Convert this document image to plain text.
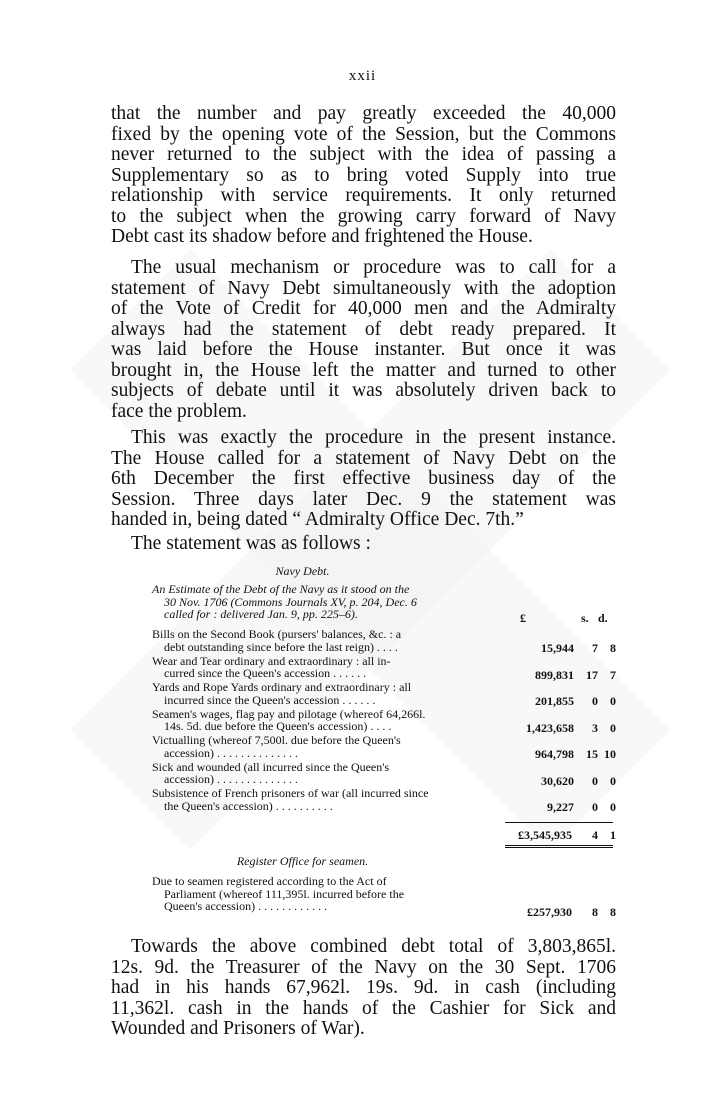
xxii
that the number and pay greatly exceeded the 40,000
fixed by the opening vote of the Session, but the Commons
never returned to the subject with the idea of passing a
Supplementary so as to bring voted Supply into true
relationship with service requirements. It only returned
to the subject when the growing carry forward of Navy
Debt cast its shadow before and frightened the House.
The usual mechanism or procedure was to call for a
statement of Navy Debt simultaneously with the adoption
of the Vote of Credit for 40,000 men and the Admiralty
always had the statement of debt ready prepared. It
was laid before the House instanter. But once it was
brought in, the House left the matter and turned to other
subjects of debate until it was absolutely driven back to
face the problem.
This was exactly the procedure in the present instance.
The House called for a statement of Navy Debt on the
6th December the first effective business day of the
Session. Three days later Dec. 9 the statement was
handed in, being dated “ Admiralty Office Dec. 7th.”
The statement was as follows :
Navy Debt.
An Estimate of the Debt of the Navy as it stood on the
30 Nov. 1706 (Commons Journals XV, p. 204, Dec. 6
called for : delivered Jan. 9, pp. 225–6).	£	s. d.
Bills on the Second Book (pursers' balances, &c. : a
debt outstanding since before the last reign) . . . .	15,944	7	8
Wear and Tear ordinary and extraordinary : all in-
curred since the Queen's accession . . . . . .	899,831	17	7
Yards and Rope Yards ordinary and extraordinary : all
incurred since the Queen's accession . . . . . .	201,855	0	0
Seamen's wages, flag pay and pilotage (whereof 64,266l.
14s. 5d. due before the Queen's accession) . . . .	1,423,658	3	0
Victualling (whereof 7,500l. due before the Queen's
accession) . . . . . . . . . . . . . .	964,798	15 10
Sick and wounded (all incurred since the Queen's
accession) . . . . . . . . . . . . . .	30,620	0	0
Subsistence of French prisoners of war (all incurred since
the Queen's accession) . . . . . . . . . .	9,227	0	0
£3,545,935	4	1
Register Office for seamen.
Due to seamen registered according to the Act of
Parliament (whereof 111,395l. incurred before the
Queen's accession) . . . . . . . . . . . .	£257,930	8	8
Towards the above combined debt total of 3,803,865l.
12s. 9d. the Treasurer of the Navy on the 30 Sept. 1706
had in his hands 67,962l. 19s. 9d. in cash (including
11,362l. cash in the hands of the Cashier for Sick and
Wounded and Prisoners of War).
